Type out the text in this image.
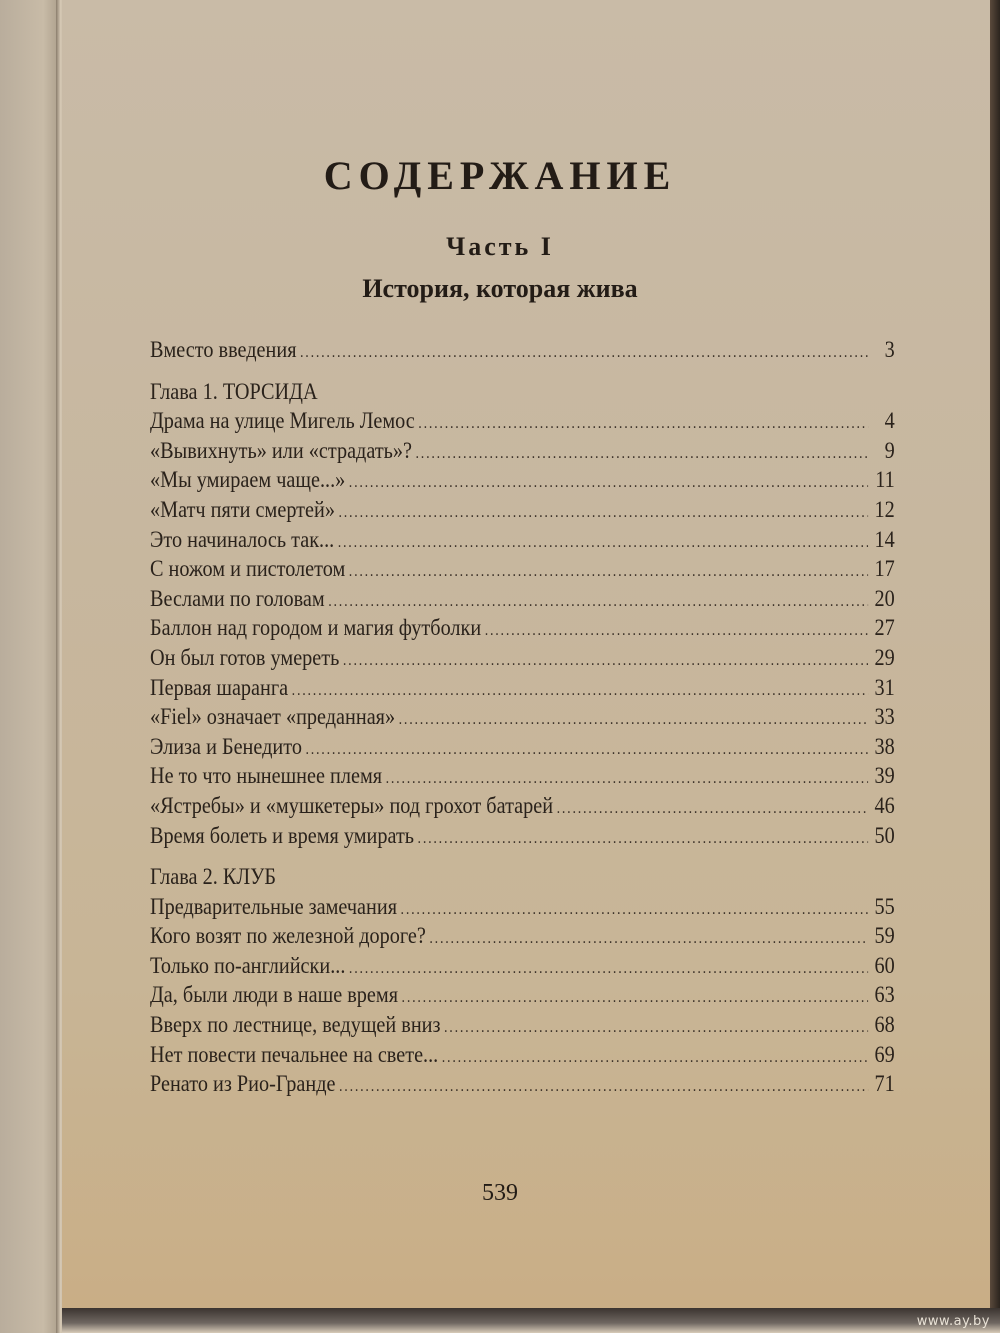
www.ay.by
СОДЕРЖАНИЕ
Часть I
История, которая жива
Вместо введения .....	3
Глава 1. ТОРСИДА
Драма на улице Мигель Лемос .....	4
«Вывихнуть» или «страдать»? .....	9
«Мы умираем чаще...» .....	11
«Матч пяти смертей» .....	12
Это начиналось так... .....	14
С ножом и пистолетом .....	17
Веслами по головам .....	20
Баллон над городом и магия футболки .....	27
Он был готов умереть .....	29
Первая шаранга .....	31
«Fiel» означает «преданная» .....	33
Элиза и Бенедито .....	38
Не то что нынешнее племя .....	39
«Ястребы» и «мушкетеры» под грохот батарей .....	46
Время болеть и время умирать .....	50
Глава 2. КЛУБ
Предварительные замечания .....	55
Кого возят по железной дороге? .....	59
Только по-английски... .....	60
Да, были люди в наше время .....	63
Вверх по лестнице, ведущей вниз .....	68
Нет повести печальнее на свете... .....	69
Ренато из Рио-Гранде .....	71
539
